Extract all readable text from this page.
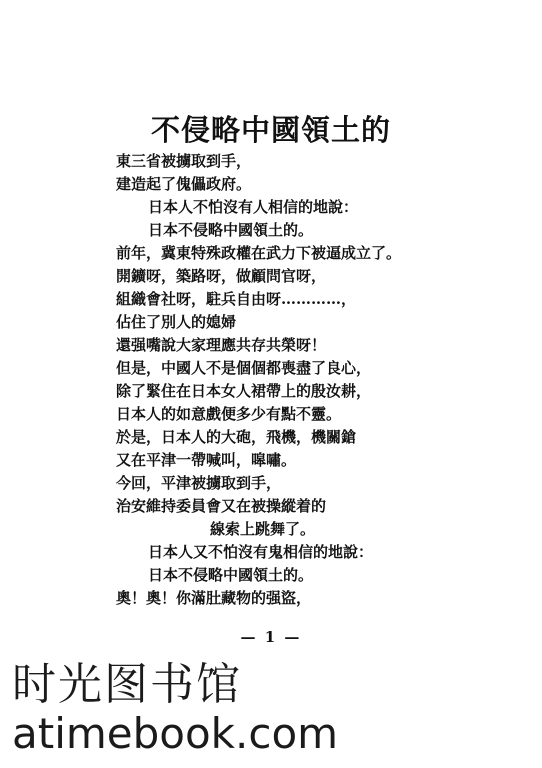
不侵略中國領土的
東三省被擄取到手，
建造起了傀儡政府。
日本人不怕沒有人相信的地說：
日本不侵略中國領土的。
前年，冀東特殊政權在武力下被逼成立了。
開鑛呀，築路呀，做顧問官呀，
組織會社呀，駐兵自由呀…………，
佔住了別人的媳婦
還强嘴說大家理應共存共榮呀！
但是，中國人不是個個都喪盡了良心，
除了緊住在日本女人裙帶上的殷汝耕，
日本人的如意戲便多少有點不靈。
於是，日本人的大砲，飛機，機關鎗
又在平津一帶喊叫，嗥嘯。
今回，平津被擄取到手，
治安維持委員會又在被操縱着的
線索上跳舞了。
日本人又不怕沒有鬼相信的地說：
日本不侵略中國領土的。
奧！奧！你滿肚藏物的强盜，
— 1 —
时光图书馆
atimebook.com
